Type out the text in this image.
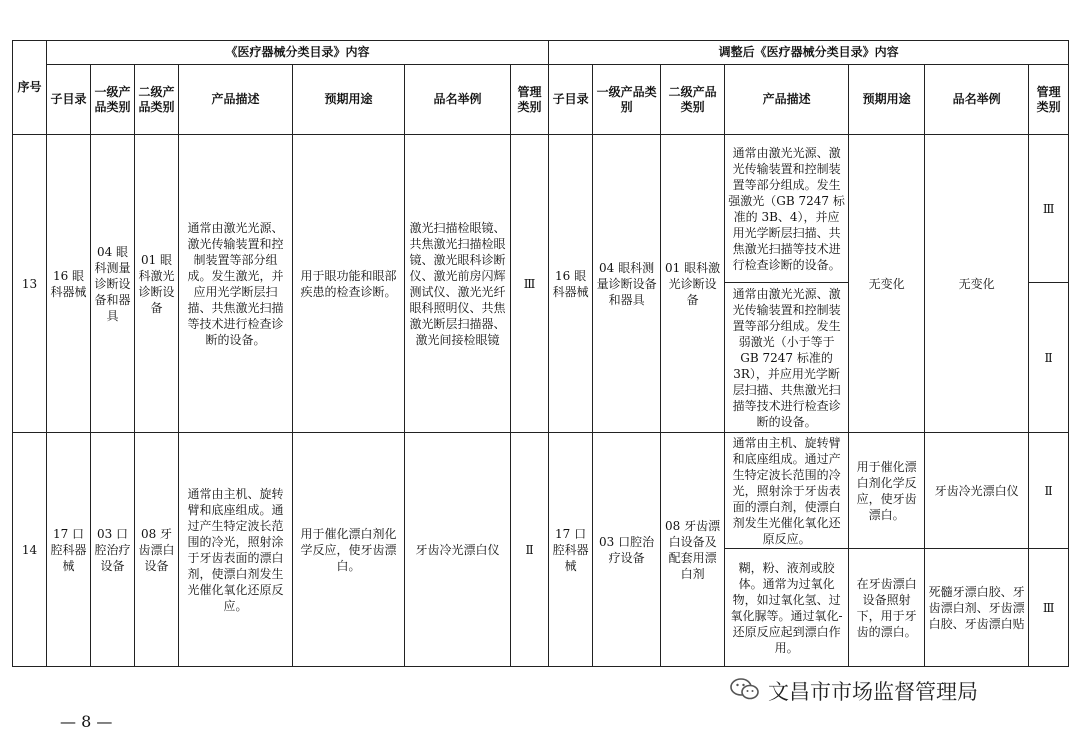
序号	《医疗器械分类目录》内容							调整后《医疗器械分类目录》内容						
	子目录	一级产品类别	二级产品类别	产品描述	预期用途	品名举例	管理类别	子目录	一级产品类别	二级产品类别	产品描述	预期用途	品名举例	管理类别
13	16 眼科器械	04 眼科测量诊断设备和器具	01 眼科激光诊断设备	通常由激光光源、激光传输装置和控制装置等部分组成。发生激光，并应用光学断层扫描、共焦激光扫描等技术进行检查诊断的设备。	用于眼功能和眼部疾患的检查诊断。	激光扫描检眼镜、共焦激光扫描检眼镜、激光眼科诊断仪、激光前房闪辉测试仪、激光光纤眼科照明仪、共焦激光断层扫描器、激光间接检眼镜	Ⅲ	16 眼科器械	04 眼科测量诊断设备和器具	01 眼科激光诊断设备	通常由激光光源、激光传输装置和控制装置等部分组成。发生强激光（GB 7247 标准的 3B、4），并应用光学断层扫描、共焦激光扫描等技术进行检查诊断的设备。	无变化	无变化	Ⅲ
											通常由激光光源、激光传输装置和控制装置等部分组成。发生弱激光（小于等于 GB 7247 标准的 3R），并应用光学断层扫描、共焦激光扫描等技术进行检查诊断的设备。			Ⅱ
14	17 口腔科器械	03 口腔治疗设备	08 牙齿漂白设备	通常由主机、旋转臂和底座组成。通过产生特定波长范围的冷光，照射涂于牙齿表面的漂白剂，使漂白剂发生光催化氧化还原反应。	用于催化漂白剂化学反应，使牙齿漂白。	牙齿冷光漂白仪	Ⅱ	17 口腔科器械	03 口腔治疗设备	08 牙齿漂白设备及配套用漂白剂	通常由主机、旋转臂和底座组成。通过产生特定波长范围的冷光，照射涂于牙齿表面的漂白剂，使漂白剂发生光催化氧化还原反应。	用于催化漂白剂化学反应，使牙齿漂白。	牙齿冷光漂白仪	Ⅱ
											糊，粉、液剂或胶体。通常为过氧化物，如过氧化氢、过氧化脲等。通过氧化-还原反应起到漂白作用。	在牙齿漂白设备照射下，用于牙齿的漂白。	死髓牙漂白胶、牙齿漂白剂、牙齿漂白胶、牙齿漂白贴	Ⅲ
文昌市市场监督管理局
— 8 —
